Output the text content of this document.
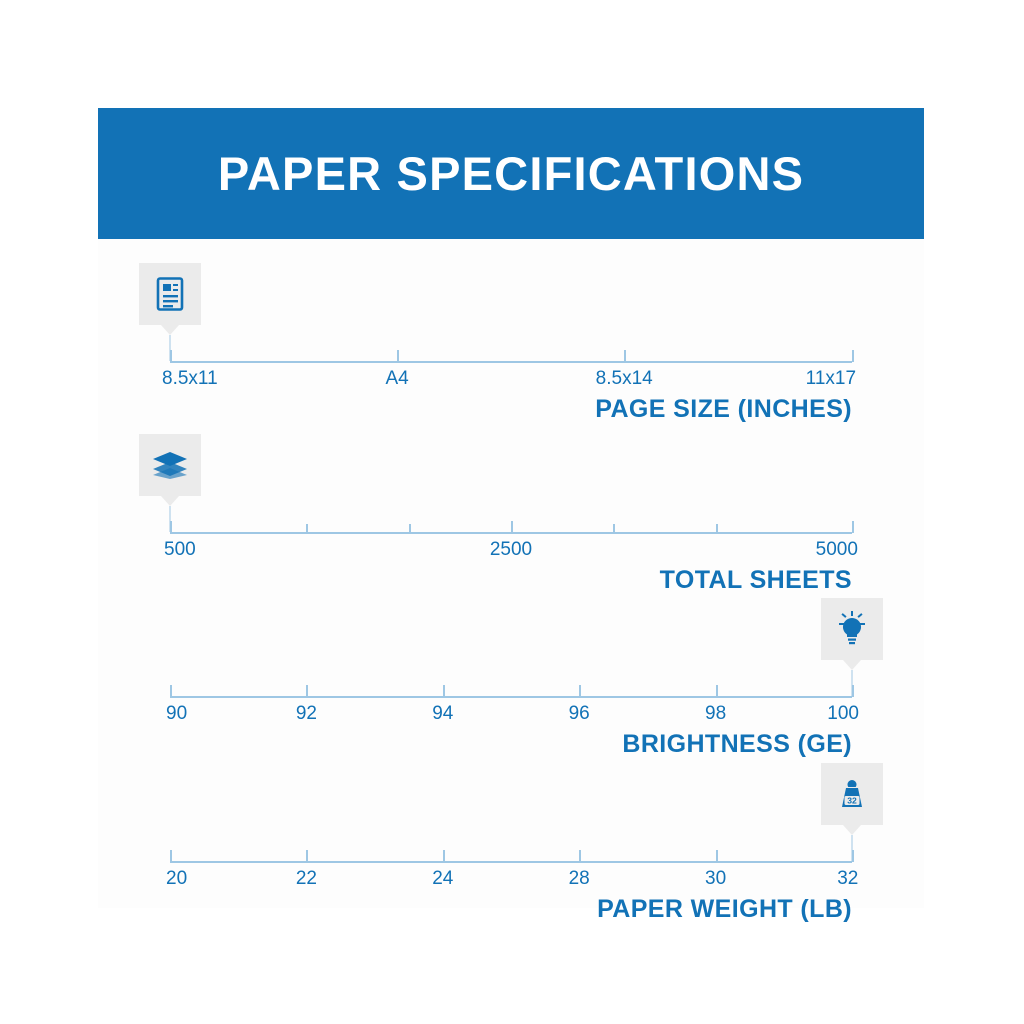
PAPER SPECIFICATIONS
8.5x11	A4	8.5x14	11x17
PAGE SIZE (INCHES)
500	2500	5000
TOTAL SHEETS
90	92	94	96	98	100
BRIGHTNESS (GE)
32
20	22	24	28	30	32
PAPER WEIGHT (LB)
